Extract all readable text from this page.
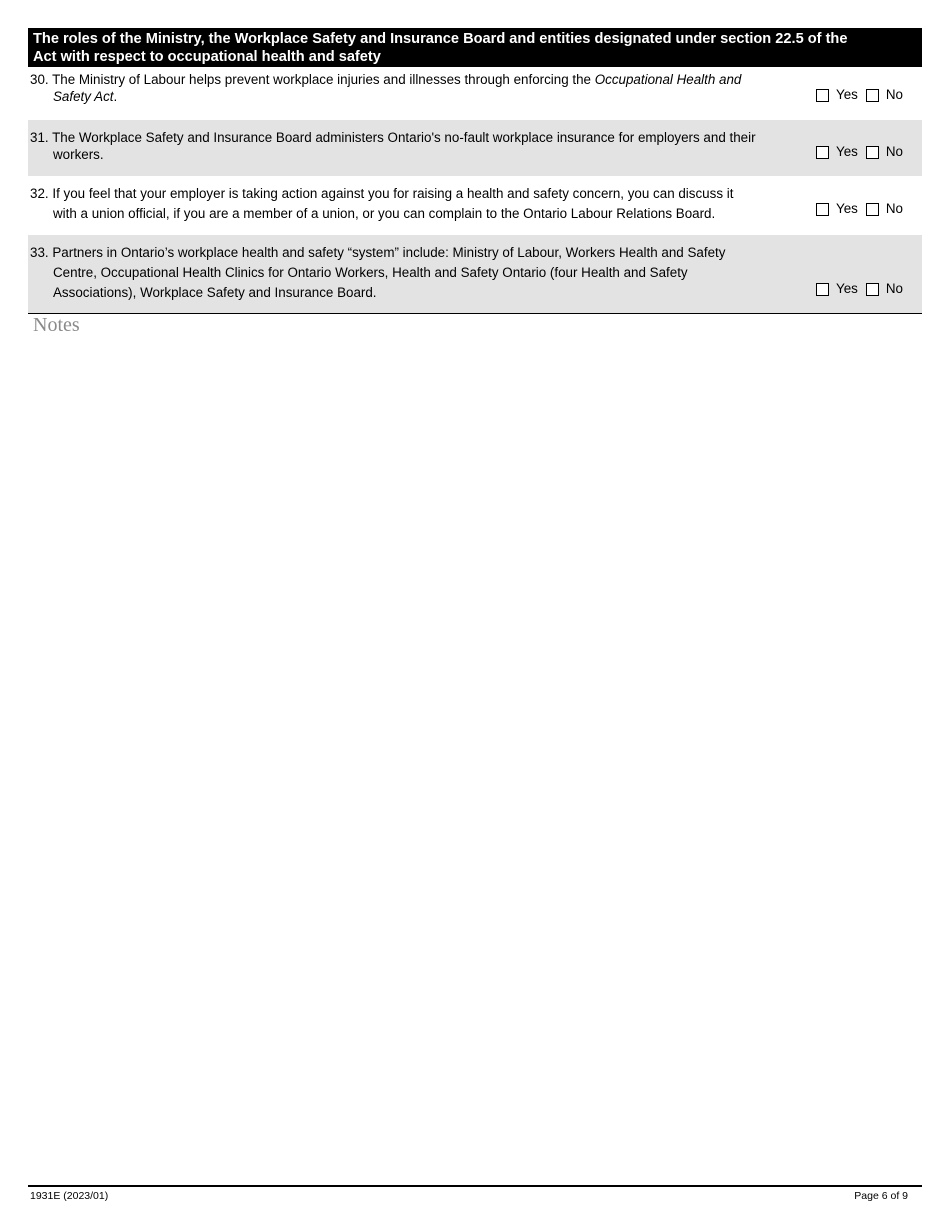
The roles of the Ministry, the Workplace Safety and Insurance Board and entities designated under section 22.5 of the
Act with respect to occupational health and safety
30. The Ministry of Labour helps prevent workplace injuries and illnesses through enforcing the Occupational Health and
Safety Act.	Yes No
31. The Workplace Safety and Insurance Board administers Ontario's no-fault workplace insurance for employers and their
workers.	Yes No
32. If you feel that your employer is taking action against you for raising a health and safety concern, you can discuss it
with a union official, if you are a member of a union, or you can complain to the Ontario Labour Relations Board.	Yes No
33. Partners in Ontario’s workplace health and safety “system” include: Ministry of Labour, Workers Health and Safety
Centre, Occupational Health Clinics for Ontario Workers, Health and Safety Ontario (four Health and Safety
Associations), Workplace Safety and Insurance Board.	Yes No
Notes
1931E (2023/01)	Page 6 of 9
